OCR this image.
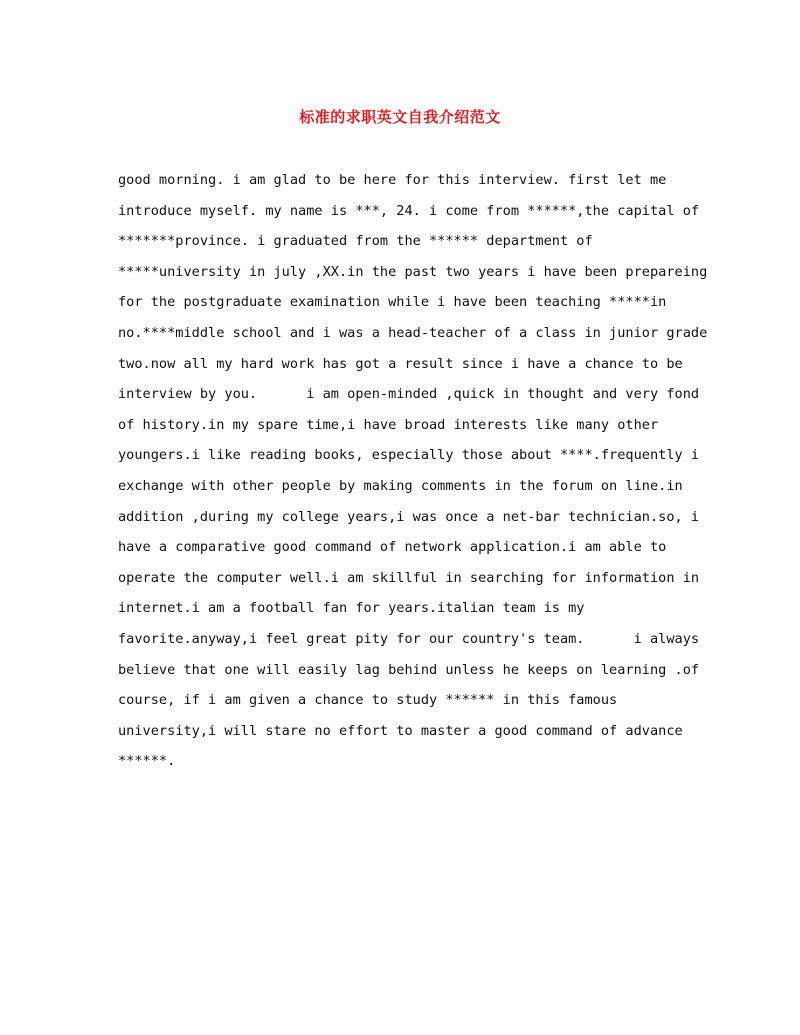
标准的求职英文自我介绍范文
good morning. i am glad to be here for this interview. first let me
introduce myself. my name is ***, 24. i come from ******,the capital of
*******province. i graduated from the ****** department of
*****university in july ,XX.in the past two years i have been prepareing
for the postgraduate examination while i have been teaching *****in
no.****middle school and i was a head-teacher of a class in junior grade
two.now all my hard work has got a result since i have a chance to be
interview by you.      i am open-minded ,quick in thought and very fond
of history.in my spare time,i have broad interests like many other
youngers.i like reading books, especially those about ****.frequently i
exchange with other people by making comments in the forum on line.in
addition ,during my college years,i was once a net-bar technician.so, i
have a comparative good command of network application.i am able to
operate the computer well.i am skillful in searching for information in
internet.i am a football fan for years.italian team is my
favorite.anyway,i feel great pity for our country's team.      i always
believe that one will easily lag behind unless he keeps on learning .of
course, if i am given a chance to study ****** in this famous
university,i will stare no effort to master a good command of advance
******.
